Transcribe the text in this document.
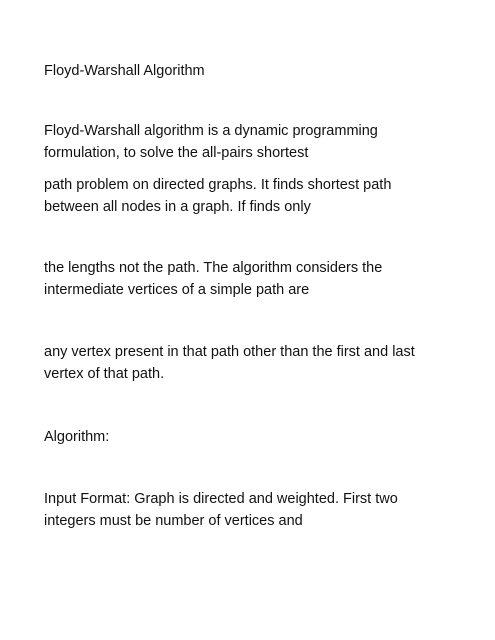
Floyd-Warshall Algorithm

Floyd-Warshall algorithm is a dynamic programming

formulation, to solve the all-pairs shortest

path problem on directed graphs. It finds shortest path

between all nodes in a graph. If finds only

the lengths not the path. The algorithm considers the

intermediate vertices of a simple path are

any vertex present in that path other than the first and last

vertex of that path.

Algorithm:

Input Format: Graph is directed and weighted. First two

integers must be number of vertices and
